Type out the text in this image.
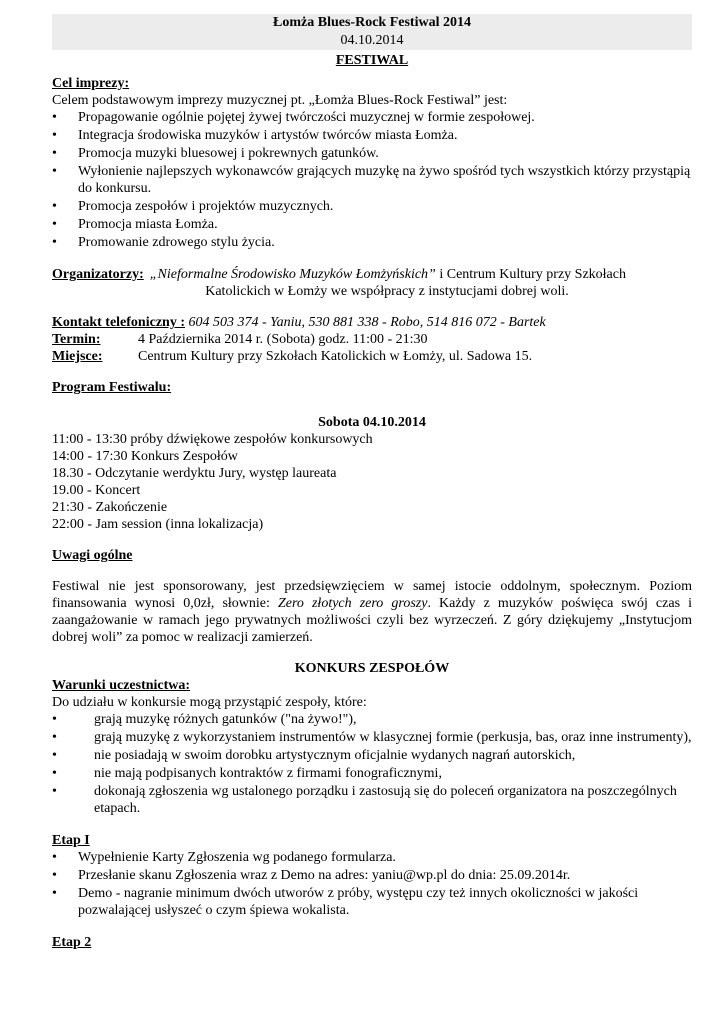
Łomża Blues-Rock Festiwal 2014
04.10.2014
FESTIWAL
Cel imprezy:
Celem podstawowym imprezy muzycznej pt. „Łomża Blues-Rock Festiwal” jest:
• Propagowanie ogólnie pojętej żywej twórczości muzycznej w formie zespołowej.
• Integracja środowiska muzyków i artystów twórców miasta Łomża.
• Promocja muzyki bluesowej i pokrewnych gatunków.
• Wyłonienie najlepszych wykonawców grających muzykę na żywo spośród tych wszystkich którzy przystąpią do konkursu.
• Promocja zespołów i projektów muzycznych.
• Promocja miasta Łomża.
• Promowanie zdrowego stylu życia.
Organizatorzy: „Nieformalne Środowisko Muzyków Łomżyńskich” i Centrum Kultury przy Szkołach
Katolickich w Łomży we współpracy z instytucjami dobrej woli.
Kontakt telefoniczny : 604 503 374 - Yaniu, 530 881 338 - Robo, 514 816 072 - Bartek
Termin:	4 Października 2014 r. (Sobota) godz. 11:00 - 21:30
Miejsce:	Centrum Kultury przy Szkołach Katolickich w Łomży, ul. Sadowa 15.
Program Festiwalu:
Sobota 04.10.2014
11:00 - 13:30 próby dźwiękowe zespołów konkursowych
14:00 - 17:30 Konkurs Zespołów
18.30 - Odczytanie werdyktu Jury, występ laureata
19.00 - Koncert
21:30 - Zakończenie
22:00 - Jam session (inna lokalizacja)
Uwagi ogólne
Festiwal nie jest sponsorowany, jest przedsięwzięciem w samej istocie oddolnym, społecznym. Poziom finansowania wynosi 0,0zł, słownie: Zero złotych zero groszy. Każdy z muzyków poświęca swój czas i zaangażowanie w ramach jego prywatnych możliwości czyli bez wyrzeczeń. Z góry dziękujemy „Instytucjom dobrej woli” za pomoc w realizacji zamierzeń.
KONKURS ZESPOŁÓW
Warunki uczestnictwa:
Do udziału w konkursie mogą przystąpić zespoły, które:
• grają muzykę różnych gatunków ("na żywo!"),
• grają muzykę z wykorzystaniem instrumentów w klasycznej formie (perkusja, bas, oraz inne instrumenty),
• nie posiadają w swoim dorobku artystycznym oficjalnie wydanych nagrań autorskich,
• nie mają podpisanych kontraktów z firmami fonograficznymi,
• dokonają zgłoszenia wg ustalonego porządku i zastosują się do poleceń organizatora na poszczególnych etapach.
Etap I
• Wypełnienie Karty Zgłoszenia wg podanego formularza.
• Przesłanie skanu Zgłoszenia wraz z Demo na adres: yaniu@wp.pl do dnia: 25.09.2014r.
• Demo - nagranie minimum dwóch utworów z próby, występu czy też innych okoliczności w jakości pozwalającej usłyszeć o czym śpiewa wokalista.
Etap 2
